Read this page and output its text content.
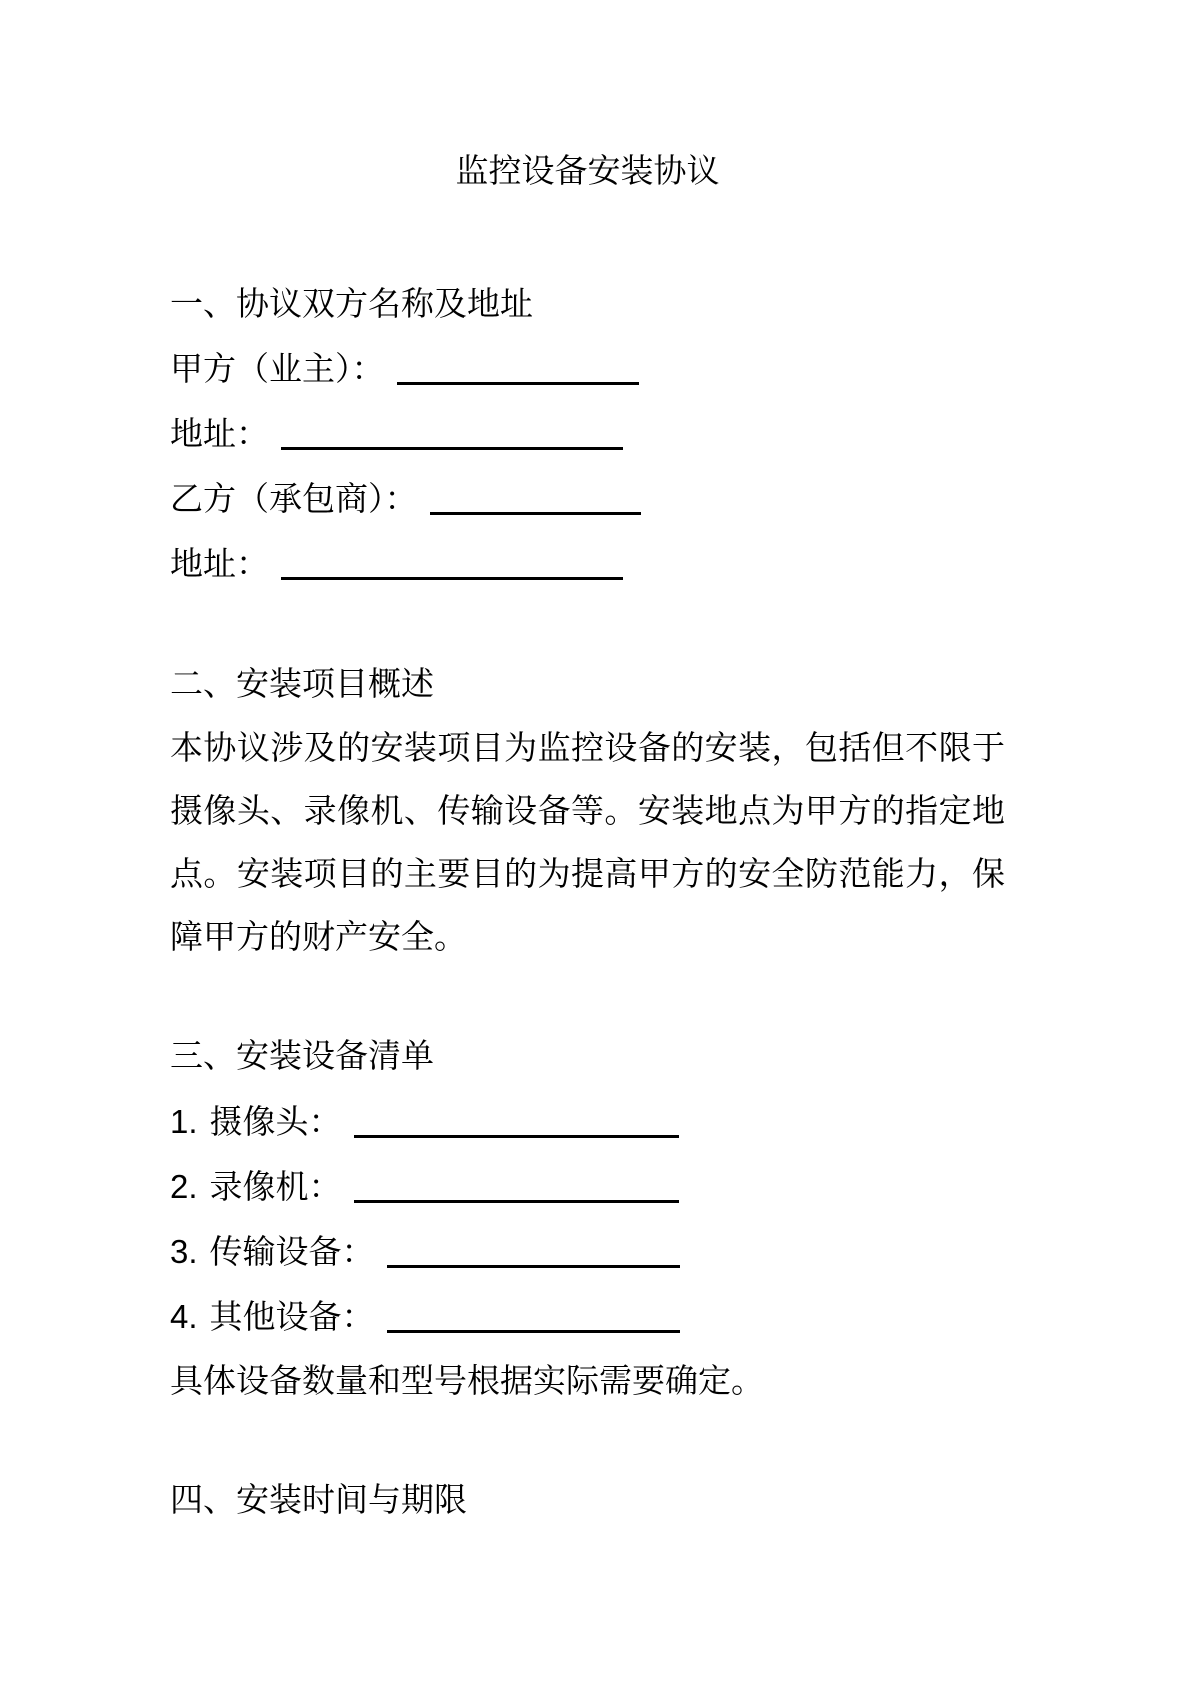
监控设备安装协议
一、协议双方名称及地址
甲方（业主）：
地址：
乙方（承包商）：
地址：
二、安装项目概述
本协议涉及的安装项目为监控设备的安装，包括但不限于
摄像头、录像机、传输设备等。安装地点为甲方的指定地
点。安装项目的主要目的为提高甲方的安全防范能力，保
障甲方的财产安全。
三、安装设备清单
1. 摄像头：
2. 录像机：
3. 传输设备：
4. 其他设备：
具体设备数量和型号根据实际需要确定。
四、安装时间与期限
